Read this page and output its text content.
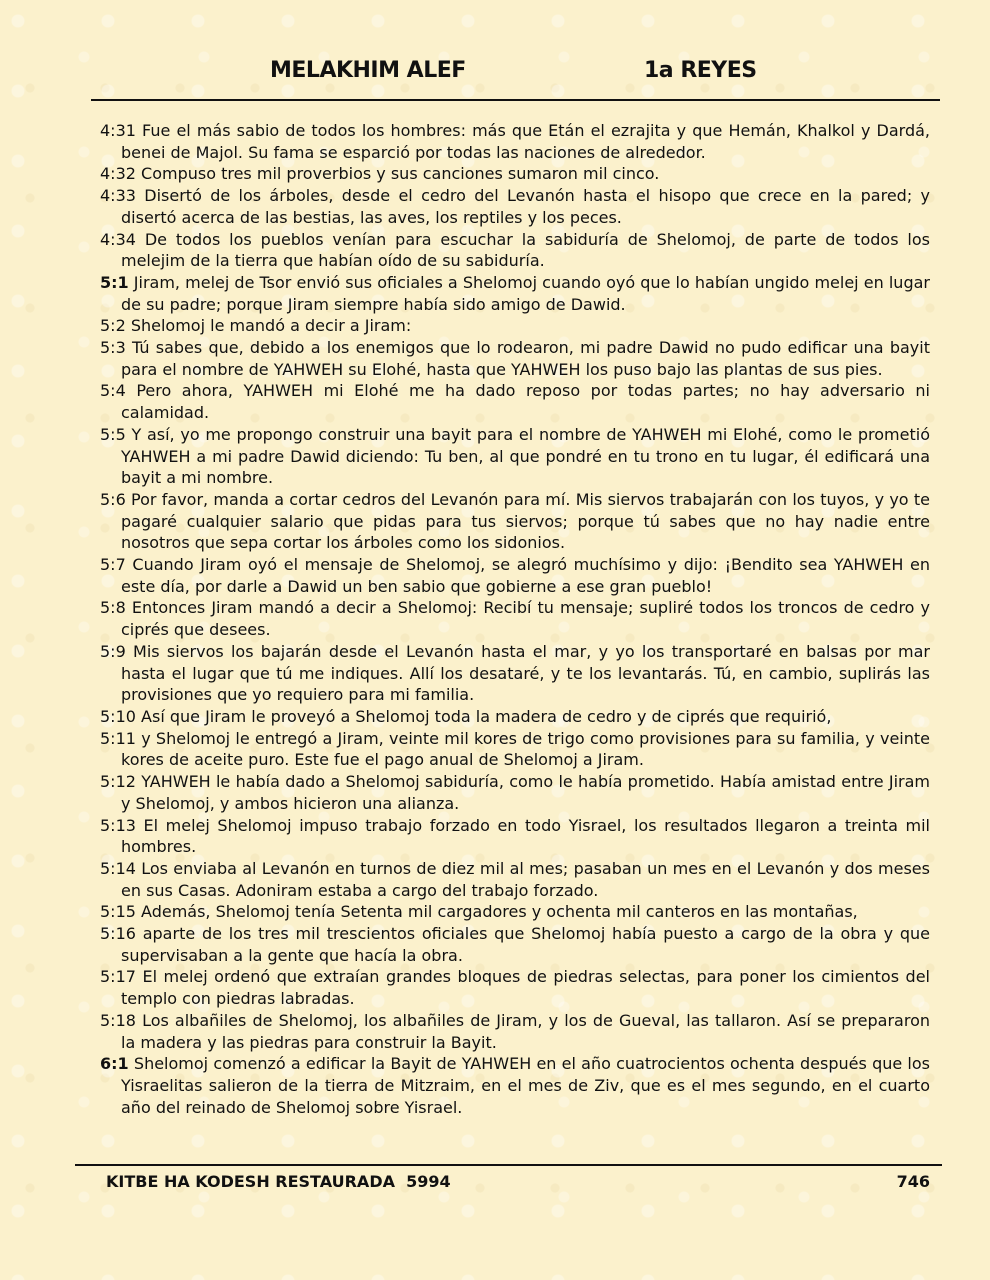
MELAKHIM ALEF	1a REYES

4:31 Fue el más sabio de todos los hombres: más que Etán el ezrajita y que Hemán, Khalkol y Dardá, benei de Majol. Su fama se esparció por todas las naciones de alrededor.

4:32 Compuso tres mil proverbios y sus canciones sumaron mil cinco.

4:33 Disertó de los árboles, desde el cedro del Levanón hasta el hisopo que crece en la pared; y disertó acerca de las bestias, las aves, los reptiles y los peces.

4:34 De todos los pueblos venían para escuchar la sabiduría de Shelomoj, de parte de todos los melejim de la tierra que habían oído de su sabiduría.

5:1 Jiram, melej de Tsor envió sus oficiales a Shelomoj cuando oyó que lo habían ungido melej en lugar de su padre; porque Jiram siempre había sido amigo de Dawid.

5:2 Shelomoj le mandó a decir a Jiram:

5:3 Tú sabes que, debido a los enemigos que lo rodearon, mi padre Dawid no pudo edificar una bayit para el nombre de YAHWEH su Elohé, hasta que YAHWEH los puso bajo las plantas de sus pies.

5:4 Pero ahora, YAHWEH mi Elohé me ha dado reposo por todas partes; no hay adversario ni calamidad.

5:5 Y así, yo me propongo construir una bayit para el nombre de YAHWEH mi Elohé, como le prometió YAHWEH a mi padre Dawid diciendo: Tu ben, al que pondré en tu trono en tu lugar, él edificará una bayit a mi nombre.

5:6 Por favor, manda a cortar cedros del Levanón para mí. Mis siervos trabajarán con los tuyos, y yo te pagaré cualquier salario que pidas para tus siervos; porque tú sabes que no hay nadie entre nosotros que sepa cortar los árboles como los sidonios.

5:7 Cuando Jiram oyó el mensaje de Shelomoj, se alegró muchísimo y dijo: ¡Bendito sea YAHWEH en este día, por darle a Dawid un ben sabio que gobierne a ese gran pueblo!

5:8 Entonces Jiram mandó a decir a Shelomoj: Recibí tu mensaje; supliré todos los troncos de cedro y ciprés que desees.

5:9 Mis siervos los bajarán desde el Levanón hasta el mar, y yo los transportaré en balsas por mar hasta el lugar que tú me indiques. Allí los desataré, y te los levantarás. Tú, en cambio, suplirás las provisiones que yo requiero para mi familia.

5:10 Así que Jiram le proveyó a Shelomoj toda la madera de cedro y de ciprés que requirió,

5:11 y Shelomoj le entregó a Jiram, veinte mil kores de trigo como provisiones para su familia, y veinte kores de aceite puro. Este fue el pago anual de Shelomoj a Jiram.

5:12 YAHWEH le había dado a Shelomoj sabiduría, como le había prometido. Había amistad entre Jiram y Shelomoj, y ambos hicieron una alianza.

5:13 El melej Shelomoj impuso trabajo forzado en todo Yisrael, los resultados llegaron a treinta mil hombres.

5:14 Los enviaba al Levanón en turnos de diez mil al mes; pasaban un mes en el Levanón y dos meses en sus Casas. Adoniram estaba a cargo del trabajo forzado.

5:15 Además, Shelomoj tenía Setenta mil cargadores y ochenta mil canteros en las montañas,

5:16 aparte de los tres mil trescientos oficiales que Shelomoj había puesto a cargo de la obra y que supervisaban a la gente que hacía la obra.

5:17 El melej ordenó que extraían grandes bloques de piedras selectas, para poner los cimientos del templo con piedras labradas.

5:18 Los albañiles de Shelomoj, los albañiles de Jiram, y los de Gueval, las tallaron. Así se prepararon la madera y las piedras para construir la Bayit.

6:1 Shelomoj comenzó a edificar la Bayit de YAHWEH en el año cuatrocientos ochenta después que los Yisraelitas salieron de la tierra de Mitzraim, en el mes de Ziv, que es el mes segundo, en el cuarto año del reinado de Shelomoj sobre Yisrael.

KITBE HA KODESH RESTAURADA  5994	746
